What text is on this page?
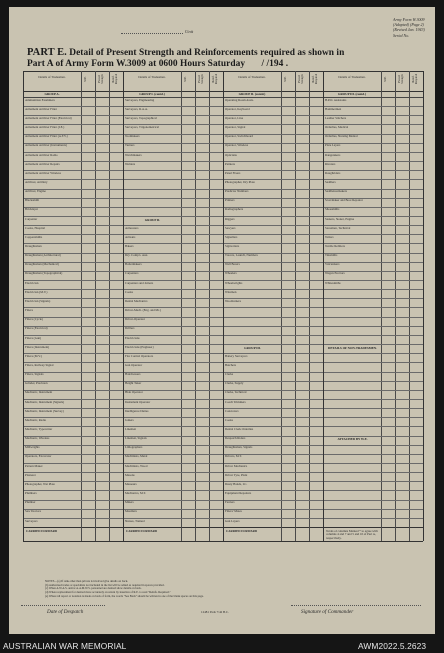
Unit
Army Form W.3009
(Adapted) (Page 2)
(Revised Jan. 1943)
Serial No.
PART E. Detail of Present Strength and Reinforcements required as shown in
Part A of Army Form W.3009 at 0600 Hours Saturday / /194 .
Details of Tradesmen.	W.E.	Posted Strength	Reinf. Required
GROUP A.
Ammunition Examiners
Armament Artificer Fitter
Armament Artificer Fitter (Electrical)
Armament Artificer Fitter (I.E.)
Armament Artificer Fitter (A.F.V.)
Armament Artificer (Instruments)
Armament Artificer Radio
Armament Artificer Repairs
Armament Artificer Wireless
Artificer, Artillery
Artificer, Engine
Blacksmith
Bricklayer
Carpenter
Cooks, Hospital
Coppersmiths
Draughtsmen
Draughtsmen (Architectural)
Draughtsmen (Mechanical)
Draughtsmen (Topographical)
Electrician
Electrician (M.V.)
Electrician (Signals)
Fitters
Fitters (Cycle)
Fitters (Electrical)
Fitters (Gun)
Fitters (Instrument)
Fitters (M.V.)
Fitters, Railway Signal
Fitters, Signals
Grinder, Precision
Mechanic, Instrument
Mechanic, Instrument (Signals)
Mechanic, Instrument (Survey)
Mechanic, Radio
Mechanic, Typewriter
Mechanic, Wireless
Millwrights
Operators, Excavator
Pattern Maker
Plasterer
Photographer, Wet Plate
Plumbers
Plumber
Saw Doctors
Surveyors
CARRIED FORWARD
Details of Tradesmen.	W.E.	Posted Strength	Reinf. Required
GROUP I. (contd.)
Surveyors, Engineering
Surveyors, R.A.A.
Surveyors, Topographical
Surveyors, Trigonometrical
Toolmakers
Turners
Watchmakers
Welders
GROUP II.
Armourers
Artisans
Bakers
Dry. Comp's. Asst.
Boilermakers
Carpenters
Carpenters and Joiners
Cooks
Dental Mechanics
Driver-Mech. (Eng. and Mr.)
Driver-Operator
Drillers
Electricians
Electricians (Engineer)
Fire Control Operators
Gun Operator
Hairdressers
Height Taker
Hide Operator
Instrument Operator
Intelligence Duties
Joiners
Linemen
Linemen, Signals
Lithographers
Machinists, Metal
Machinists, Wood
Masons
Masseurs
Mechanics, M.T.
Miners
Moulders
Nurses, Trained
CARRIED FORWARD
Details of Tradesmen.	W.E.	Posted Strength	Reinf. Required
GROUP II. (contd.)
Operating Room Assts.
Operator, Keyboard
Operator, Line
Operator, Signal
Operator, Switchboard
Operator, Wireless
Opticians
Painters
Panel Fixers
Photographer, Dry Plate
Predictor Numbers
Printers
Radiographers
Riggers
Sawyers
Signallers
Signwriters
Tracers, Launch, Numbers
Wall Borers
Wheelers
Wheelwrights
Wiremen
Woodturners
GROUP III.
Battery Surveyors
Butchers
Clerks
Clerks, Supply
Clerks, Technical
Coach Trimmers
Concretors
Cooks
Dental Clerk Orderlies
Despatch Riders
Draughtsmen, Signals
Drivers, M.T.
Driver Mechanics
Driver Tyre, Plant
Dusty Hands, I.C.
Equipment Repairers
Farriers
Fitters' Mates
Gun Layers
CARRIED FORWARD
Details of Tradesmen.	W.E.	Posted Strength	Reinf. Required
GROUP III. (contd.)
H.P.O. Assistants
Hammermen
Leather Stitchers
Orderlies, Medical
Orderlies, Nursing Mental
Plate Layers
Rangetakers
Riveters
Roughriders
Saddlers
Saddletreemakers
Scorrmaker and Boot Repairer
Shoesmiths
Stokers, Stoker, Engine
Storemen, Technical
Tailors
Textile Refitters
Tinsmiths
Vulcanisers
Wagon Erectors
Whitesmiths
DETAILS OF NON-TRADESMEN.
ATTACHED BY W.E.
Totals of columns Marked * to agree with columns 4 and 7 and 5 and 10 of Part A, respectively.
NOTES—(a) If rank other than private is involved give details on back.
(b) Authorised trades or specialists not included in the list will be added as required in spaces provided.
(c) When A.W.A.S. and/or A.A.M.W.S. personnel are desired show details on back.
(d) Where replacement for desired more accurately on return by insertion of R.E. to read "Reinfs. Required."
(e) Where nil report or notation is made on back of form, the words "See Back" should be written in one of the blank spaces on this page.
Date of Despatch	12481 Pads 7/42 B.C.	Signature of Commander
AUSTRALIAN WAR MEMORIAL	AWM2022.5.2623
